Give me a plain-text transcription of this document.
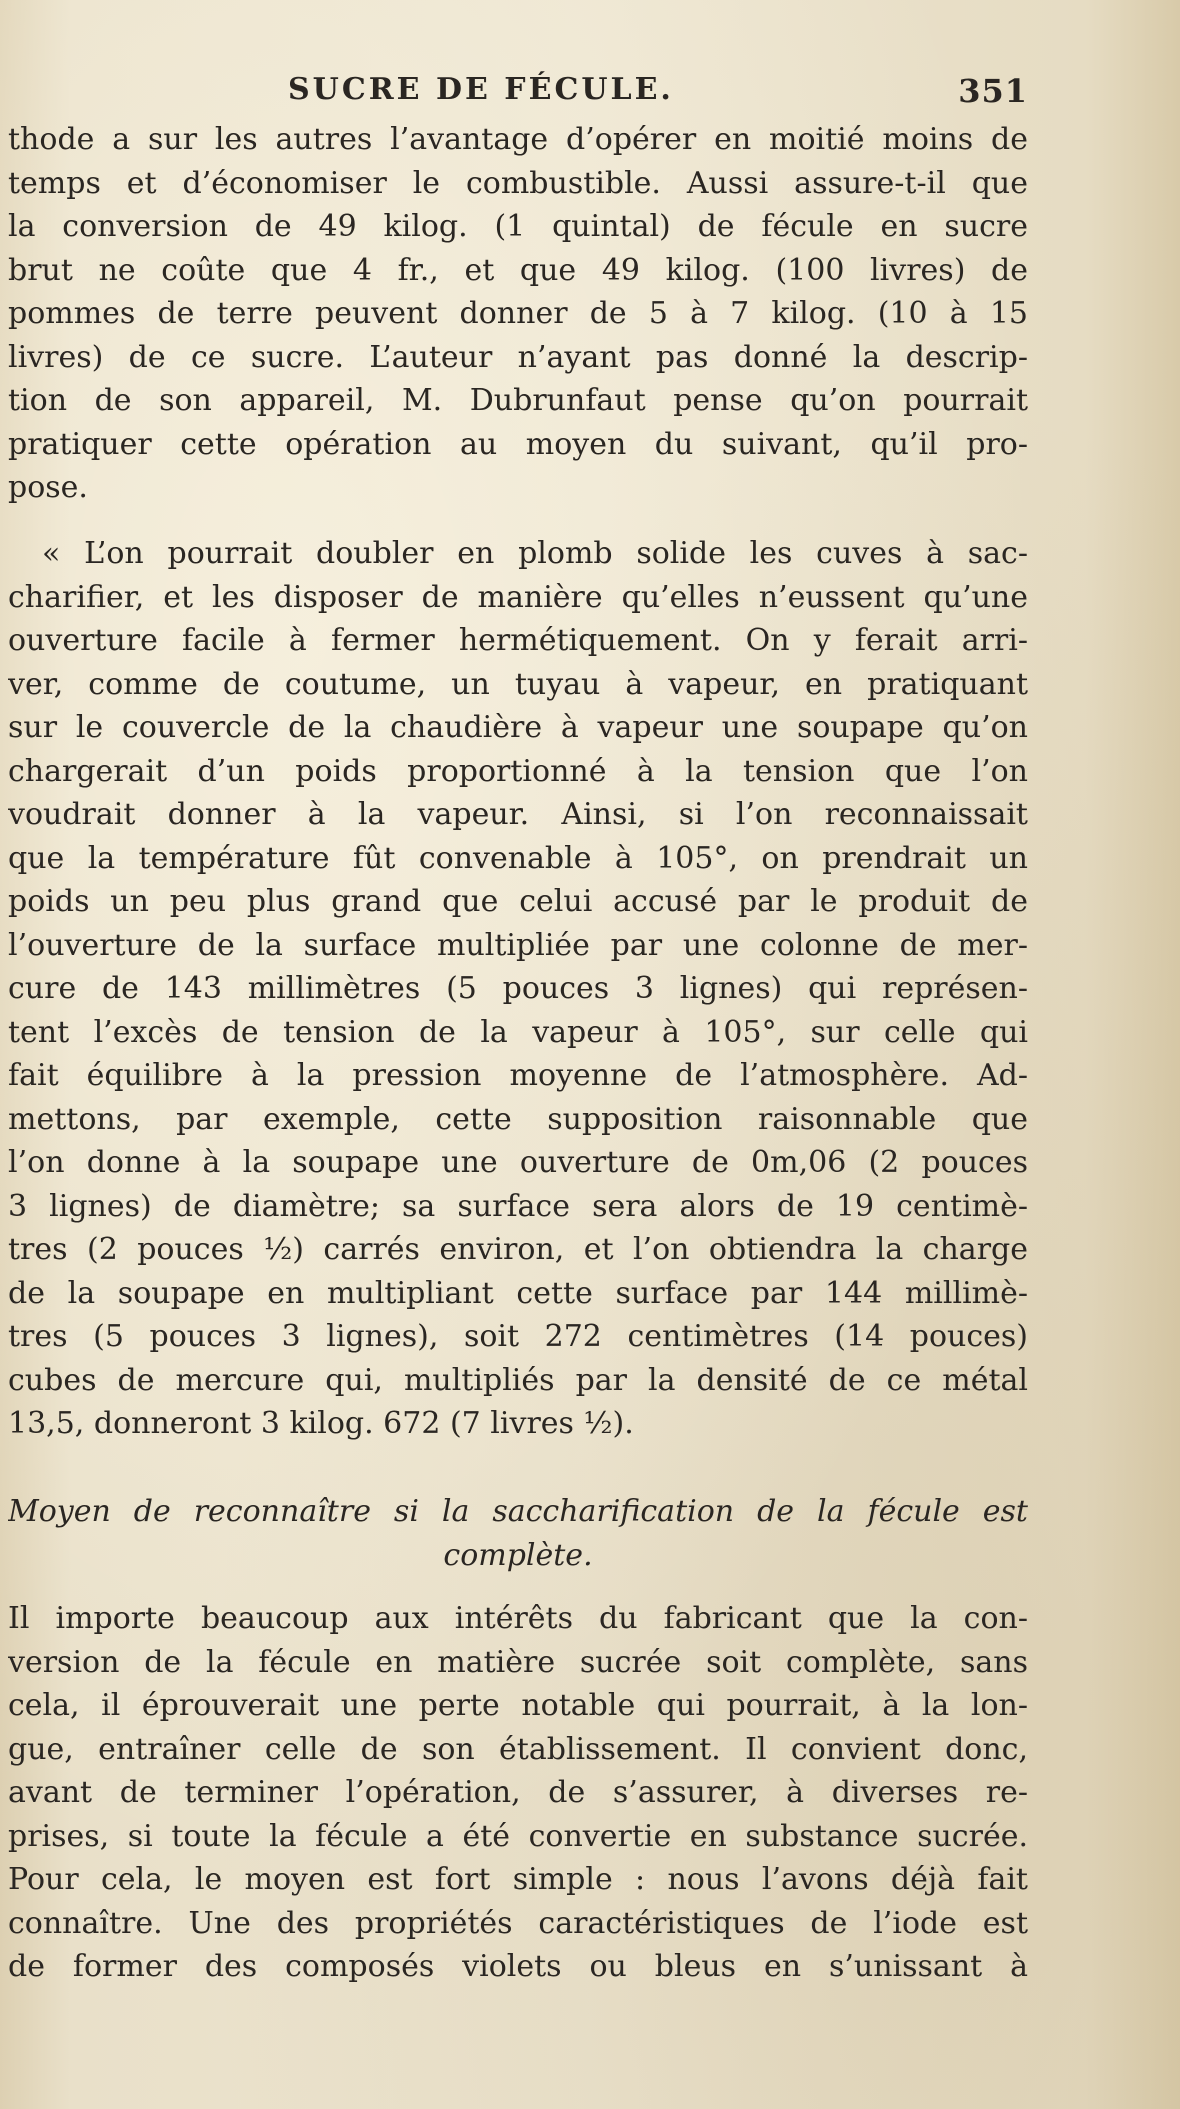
SUCRE DE FÉCULE.	351
thode a sur les autres l’avantage d’opérer en moitié moins de
temps et d’économiser le combustible. Aussi assure-t-il que
la conversion de 49 kilog. (1 quintal) de fécule en sucre
brut ne coûte que 4 fr., et que 49 kilog. (100 livres) de
pommes de terre peuvent donner de 5 à 7 kilog. (10 à 15
livres) de ce sucre. L’auteur n’ayant pas donné la descrip-
tion de son appareil, M. Dubrunfaut pense qu’on pourrait
pratiquer cette opération au moyen du suivant, qu’il pro-
pose.
« L’on pourrait doubler en plomb solide les cuves à sac-
charifier, et les disposer de manière qu’elles n’eussent qu’une
ouverture facile à fermer hermétiquement. On y ferait arri-
ver, comme de coutume, un tuyau à vapeur, en pratiquant
sur le couvercle de la chaudière à vapeur une soupape qu’on
chargerait d’un poids proportionné à la tension que l’on
voudrait donner à la vapeur. Ainsi, si l’on reconnaissait
que la température fût convenable à 105°, on prendrait un
poids un peu plus grand que celui accusé par le produit de
l’ouverture de la surface multipliée par une colonne de mer-
cure de 143 millimètres (5 pouces 3 lignes) qui représen-
tent l’excès de tension de la vapeur à 105°, sur celle qui
fait équilibre à la pression moyenne de l’atmosphère. Ad-
mettons, par exemple, cette supposition raisonnable que
l’on donne à la soupape une ouverture de 0m,06 (2 pouces
3 lignes) de diamètre; sa surface sera alors de 19 centimè-
tres (2 pouces ½) carrés environ, et l’on obtiendra la charge
de la soupape en multipliant cette surface par 144 millimè-
tres (5 pouces 3 lignes), soit 272 centimètres (14 pouces)
cubes de mercure qui, multipliés par la densité de ce métal
13,5, donneront 3 kilog. 672 (7 livres ½).
Moyen de reconnaître si la saccharification de la fécule est
complète.
Il importe beaucoup aux intérêts du fabricant que la con-
version de la fécule en matière sucrée soit complète, sans
cela, il éprouverait une perte notable qui pourrait, à la lon-
gue, entraîner celle de son établissement. Il convient donc,
avant de terminer l’opération, de s’assurer, à diverses re-
prises, si toute la fécule a été convertie en substance sucrée.
Pour cela, le moyen est fort simple : nous l’avons déjà fait
connaître. Une des propriétés caractéristiques de l’iode est
de former des composés violets ou bleus en s’unissant à
